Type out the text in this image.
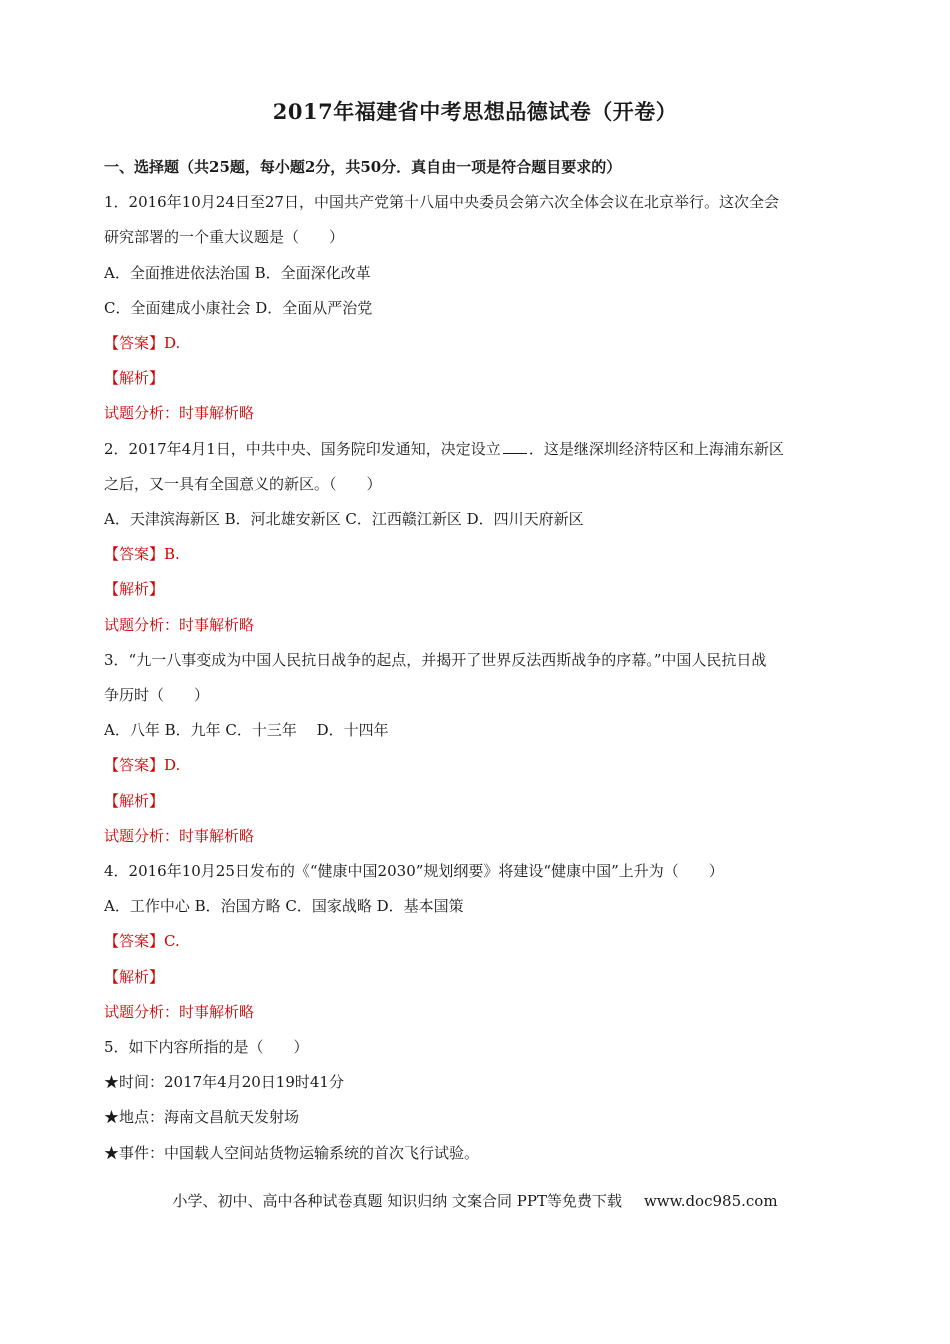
2017年福建省中考思想品德试卷（开卷）
一、选择题（共25题，每小题2分，共50分．真自由一项是符合题目要求的）
1．2016年10月24日至27日，中国共产党第十八届中央委员会第六次全体会议在北京举行。这次全会
研究部署的一个重大议题是（　　）
A．全面推进依法治国 B．全面深化改革
C．全面建成小康社会 D．全面从严治党
【答案】D.
【解析】
试题分析：时事解析略
2．2017年4月1日，中共中央、国务院印发通知，决定设立 ．这是继深圳经济特区和上海浦东新区
之后，又一具有全国意义的新区。（　　）
A．天津滨海新区 B．河北雄安新区 C．江西赣江新区 D．四川天府新区
【答案】B.
【解析】
试题分析：时事解析略
3．“九一八事变成为中国人民抗日战争的起点，并揭开了世界反法西斯战争的序幕。”中国人民抗日战
争历时（　　）
A．八年 B．九年 C．十三年　 D．十四年
【答案】D.
【解析】
试题分析：时事解析略
4．2016年10月25日发布的《“健康中国2030”规划纲要》将建设“健康中国”上升为（　　）
A．工作中心 B．治国方略 C．国家战略 D．基本国策
【答案】C.
【解析】
试题分析：时事解析略
5．如下内容所指的是（　　）
★时间：2017年4月20日19时41分
★地点：海南文昌航天发射场
★事件：中国载人空间站货物运输系统的首次飞行试验。
小学、初中、高中各种试卷真题 知识归纳 文案合同 PPT等免费下载 www.doc985.com
